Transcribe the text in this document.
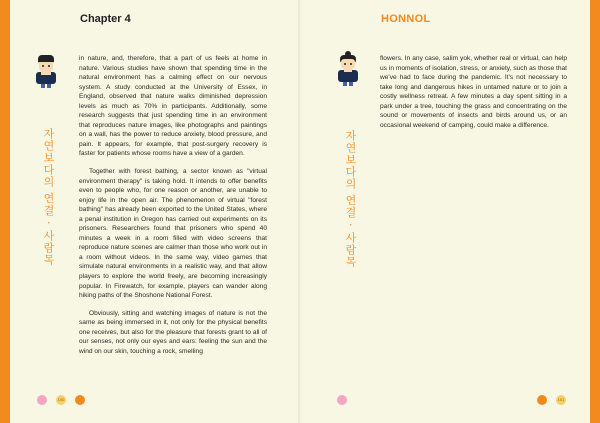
Chapter 4
자연보다의 연결 · 사람목

in nature, and, therefore, that a part of us feels at home in nature. Various studies have shown that spending time in the natural environment has a calming effect on our nervous system. A study conducted at the University of Essex, in England, observed that nature walks diminished depression levels as much as 70% in participants. Additionally, some research suggests that just spending time in an environment that reproduces nature images, like photographs and paintings on a wall, has the power to reduce anxiety, blood pressure, and pain. It appears, for example, that post-surgery recovery is faster for patients whose rooms have a view of a garden.

Together with forest bathing, a sector known as "virtual environment therapy" is taking hold. It intends to offer benefits even to people who, for one reason or another, are unable to enjoy life in the open air. The phenomenon of virtual "forest bathing" has already been exported to the United States, where a penal institution in Oregon has carried out experiments on its prisoners. Researchers found that prisoners who spend 40 minutes a week in a room filled with video screens that reproduce nature scenes are calmer than those who work out in a room without videos. In the same way, video games that simulate natural environments in a realistic way, and that allow players to explore the world freely, are becoming increasingly popular. In Firewatch, for example, players can wander along hiking paths of the Shoshone National Forest.

Obviously, sitting and watching images of nature is not the same as being immersed in it, not only for the physical benefits one receives, but also for the pleasure that forests grant to all of our senses, not only our eyes and ears: feeling the sun and the wind on our skin, touching a rock, smelling

100
HONNOL
자연보다의 연결 · 사람목

flowers. In any case, salim yok, whether real or virtual, can help us in moments of isolation, stress, or anxiety, such as those that we've had to face during the pandemic. It's not necessary to take long and dangerous hikes in untamed nature or to join a costly wellness retreat. A few minutes a day spent sitting in a park under a tree, touching the grass and concentrating on the sound or movements of insects and birds around us, or an occasional weekend of camping, could make a difference.

101
